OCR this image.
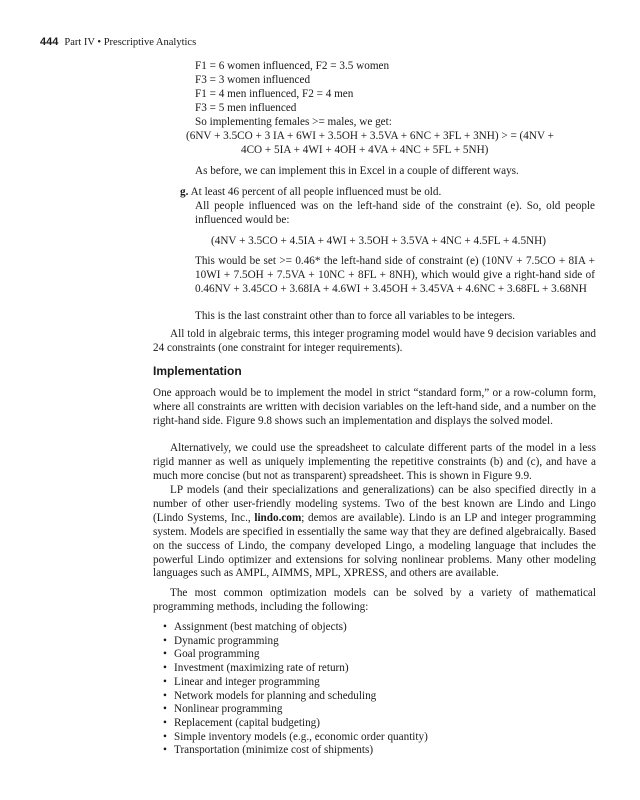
444 Part IV • Prescriptive Analytics
F1 = 6 women influenced, F2 = 3.5 women
F3 = 3 women influenced
F1 = 4 men influenced, F2 = 4 men
F3 = 5 men influenced
So implementing females >= males, we get:
(6NV + 3.5CO + 3 IA + 6WI + 3.5OH + 3.5VA + 6NC + 3FL + 3NH) > = (4NV +
4CO + 5IA + 4WI + 4OH + 4VA + 4NC + 5FL + 5NH)
As before, we can implement this in Excel in a couple of different ways.
g. At least 46 percent of all people influenced must be old.
All people influenced was on the left-hand side of the constraint (e). So, old people influenced would be:
(4NV + 3.5CO + 4.5IA + 4WI + 3.5OH + 3.5VA + 4NC + 4.5FL + 4.5NH)
This would be set >= 0.46* the left-hand side of constraint (e) (10NV + 7.5CO + 8IA + 10WI + 7.5OH + 7.5VA + 10NC + 8FL + 8NH), which would give a right-hand side of 0.46NV + 3.45CO + 3.68IA + 4.6WI + 3.45OH + 3.45VA + 4.6NC + 3.68FL + 3.68NH
This is the last constraint other than to force all variables to be integers.
All told in algebraic terms, this integer programing model would have 9 decision variables and 24 constraints (one constraint for integer requirements).
Implementation
One approach would be to implement the model in strict “standard form,” or a row-column form, where all constraints are written with decision variables on the left-hand side, and a number on the right-hand side. Figure 9.8 shows such an implementation and displays the solved model.
Alternatively, we could use the spreadsheet to calculate different parts of the model in a less rigid manner as well as uniquely implementing the repetitive constraints (b) and (c), and have a much more concise (but not as transparent) spreadsheet. This is shown in Figure 9.9.
LP models (and their specializations and generalizations) can be also specified directly in a number of other user-friendly modeling systems. Two of the best known are Lindo and Lingo (Lindo Systems, Inc., lindo.com; demos are available). Lindo is an LP and integer programming system. Models are specified in essentially the same way that they are defined algebraically. Based on the success of Lindo, the company developed Lingo, a modeling language that includes the powerful Lindo optimizer and extensions for solving nonlinear problems. Many other modeling languages such as AMPL, AIMMS, MPL, XPRESS, and others are available.
The most common optimization models can be solved by a variety of mathematical programming methods, including the following:
• Assignment (best matching of objects)
• Dynamic programming
• Goal programming
• Investment (maximizing rate of return)
• Linear and integer programming
• Network models for planning and scheduling
• Nonlinear programming
• Replacement (capital budgeting)
• Simple inventory models (e.g., economic order quantity)
• Transportation (minimize cost of shipments)
